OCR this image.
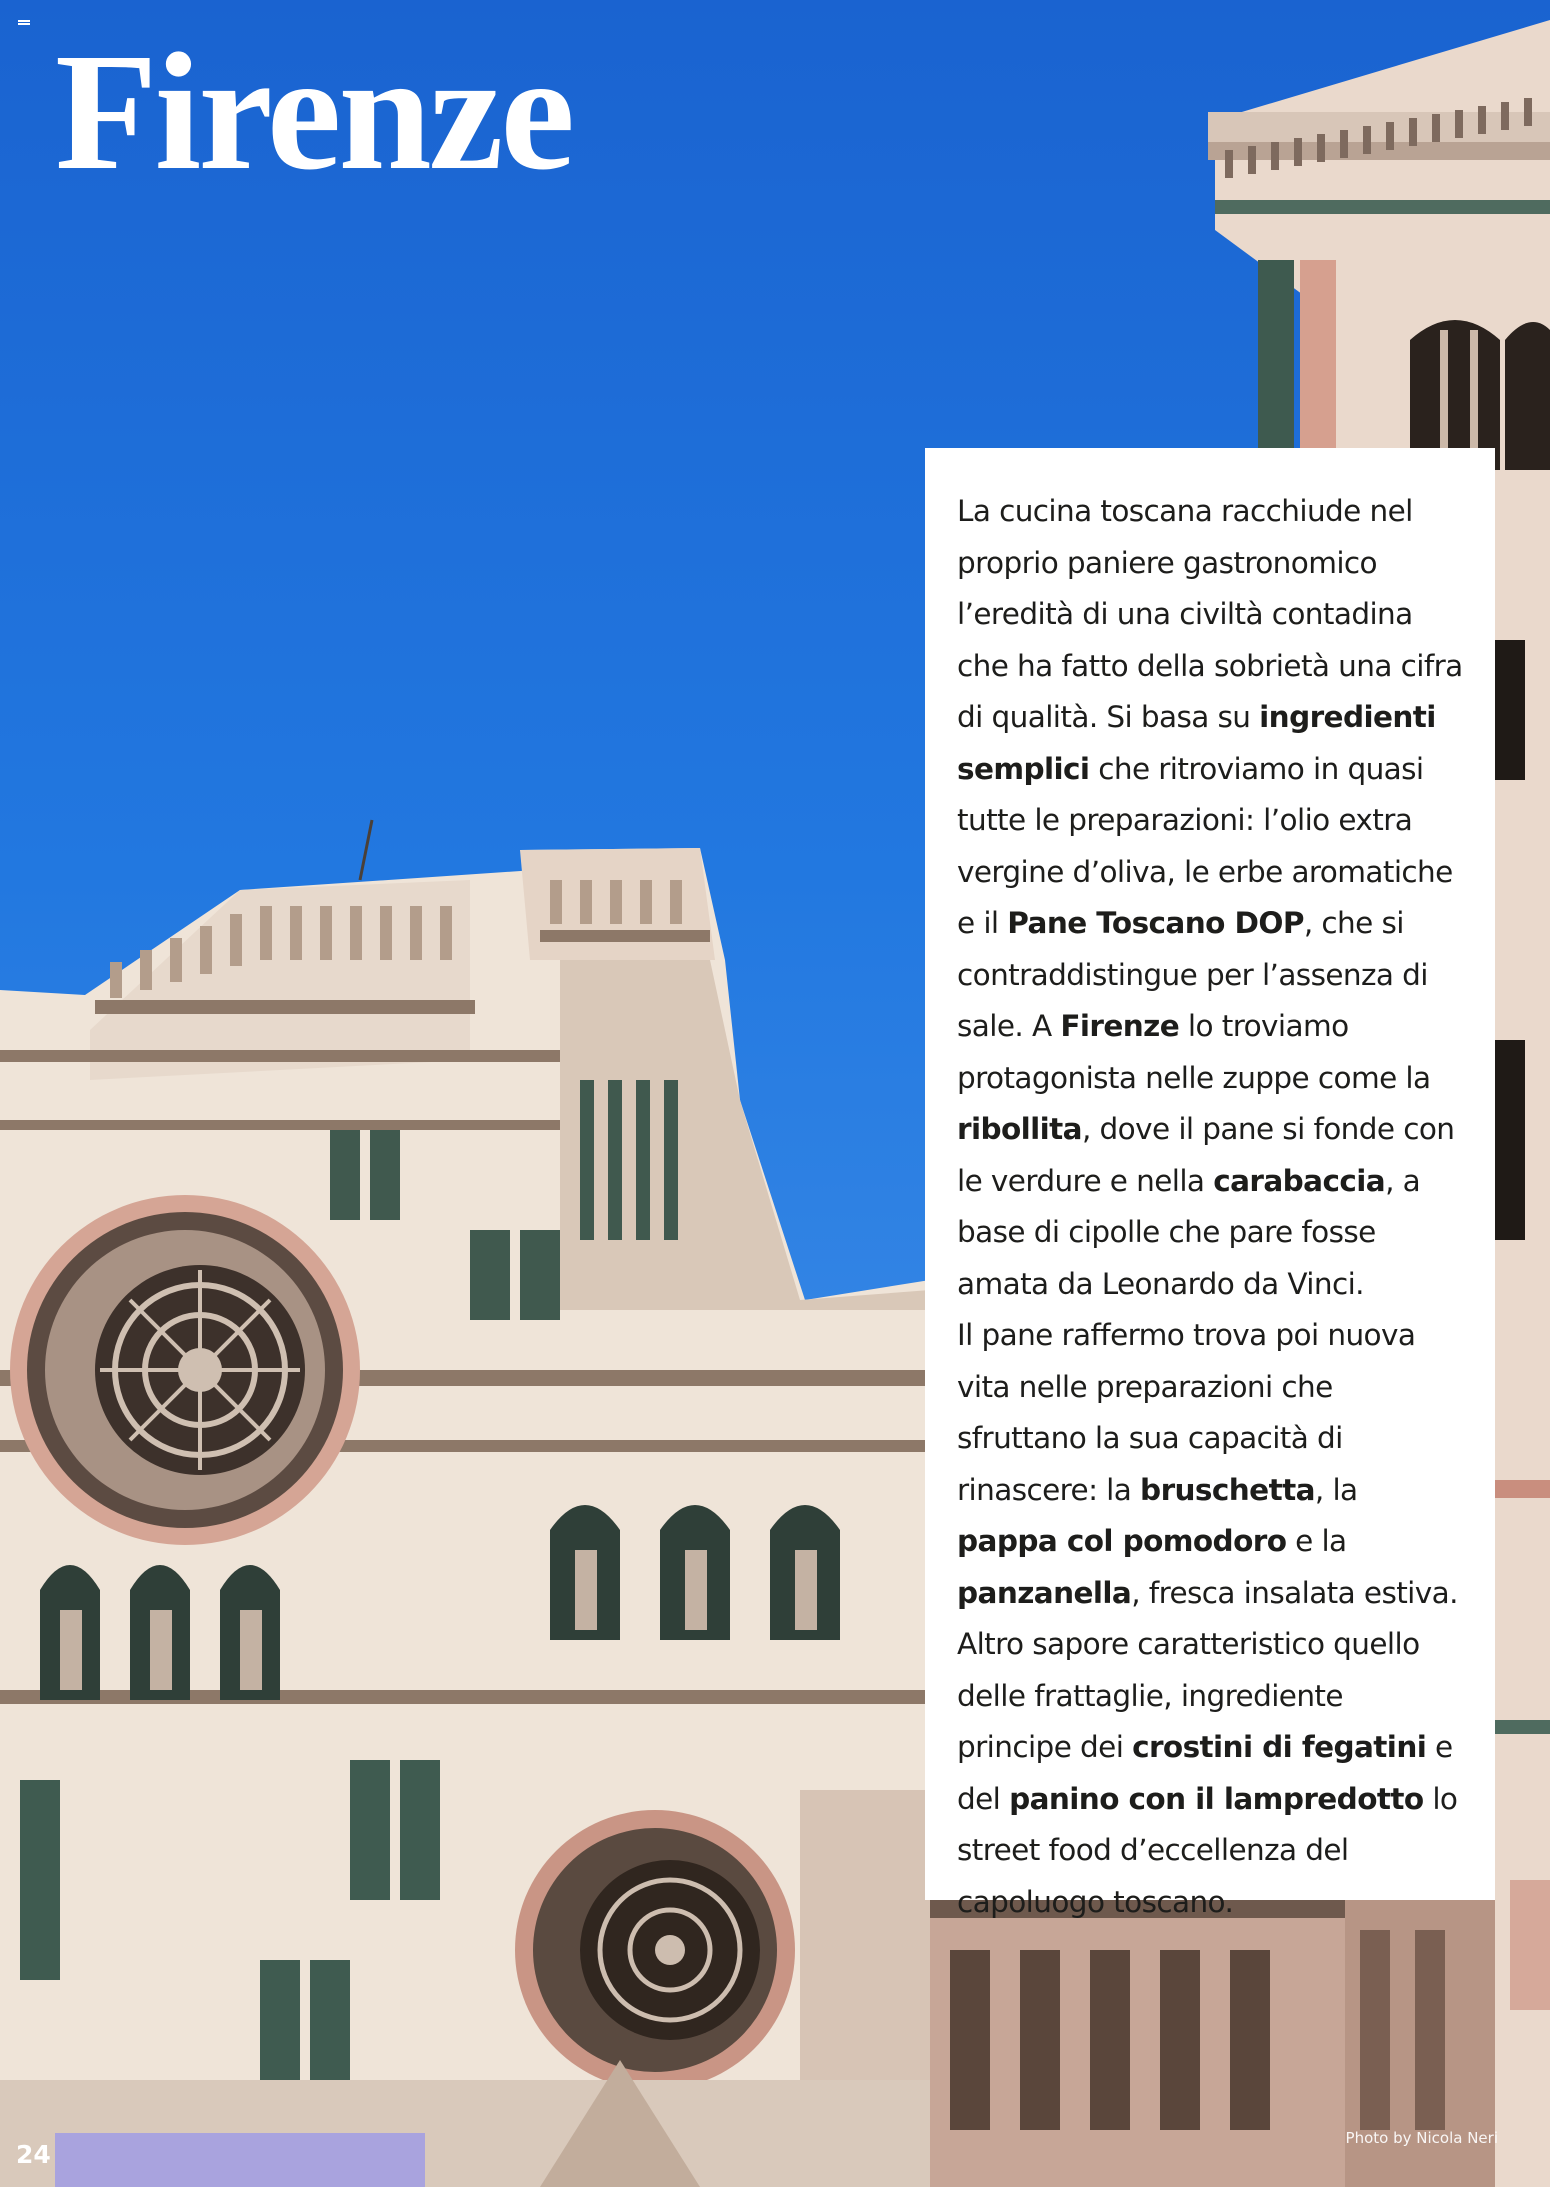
Firenze

La cucina toscana racchiude nel proprio paniere gastronomico l’eredità di una civiltà contadina che ha fatto della sobrietà una cifra di qualità. Si basa su ingredienti semplici che ritroviamo in quasi tutte le preparazioni: l’olio extra vergine d’oliva, le erbe aromatiche e il Pane Toscano DOP, che si contraddistingue per l’assenza di sale. A Firenze lo troviamo protagonista nelle zuppe come la ribollita, dove il pane si fonde con le verdure e nella carabaccia, a base di cipolle che pare fosse amata da Leonardo da Vinci.

Il pane raffermo trova poi nuova vita nelle preparazioni che sfruttano la sua capacità di rinascere: la bruschetta, la pappa col pomodoro e la panzanella, fresca insalata estiva. Altro sapore caratteristico quello delle frattaglie, ingrediente principe dei crostini di fegatini e del panino con il lampredotto lo street food d’eccellenza del capoluogo toscano.

24
Photo by Nicola Neri
